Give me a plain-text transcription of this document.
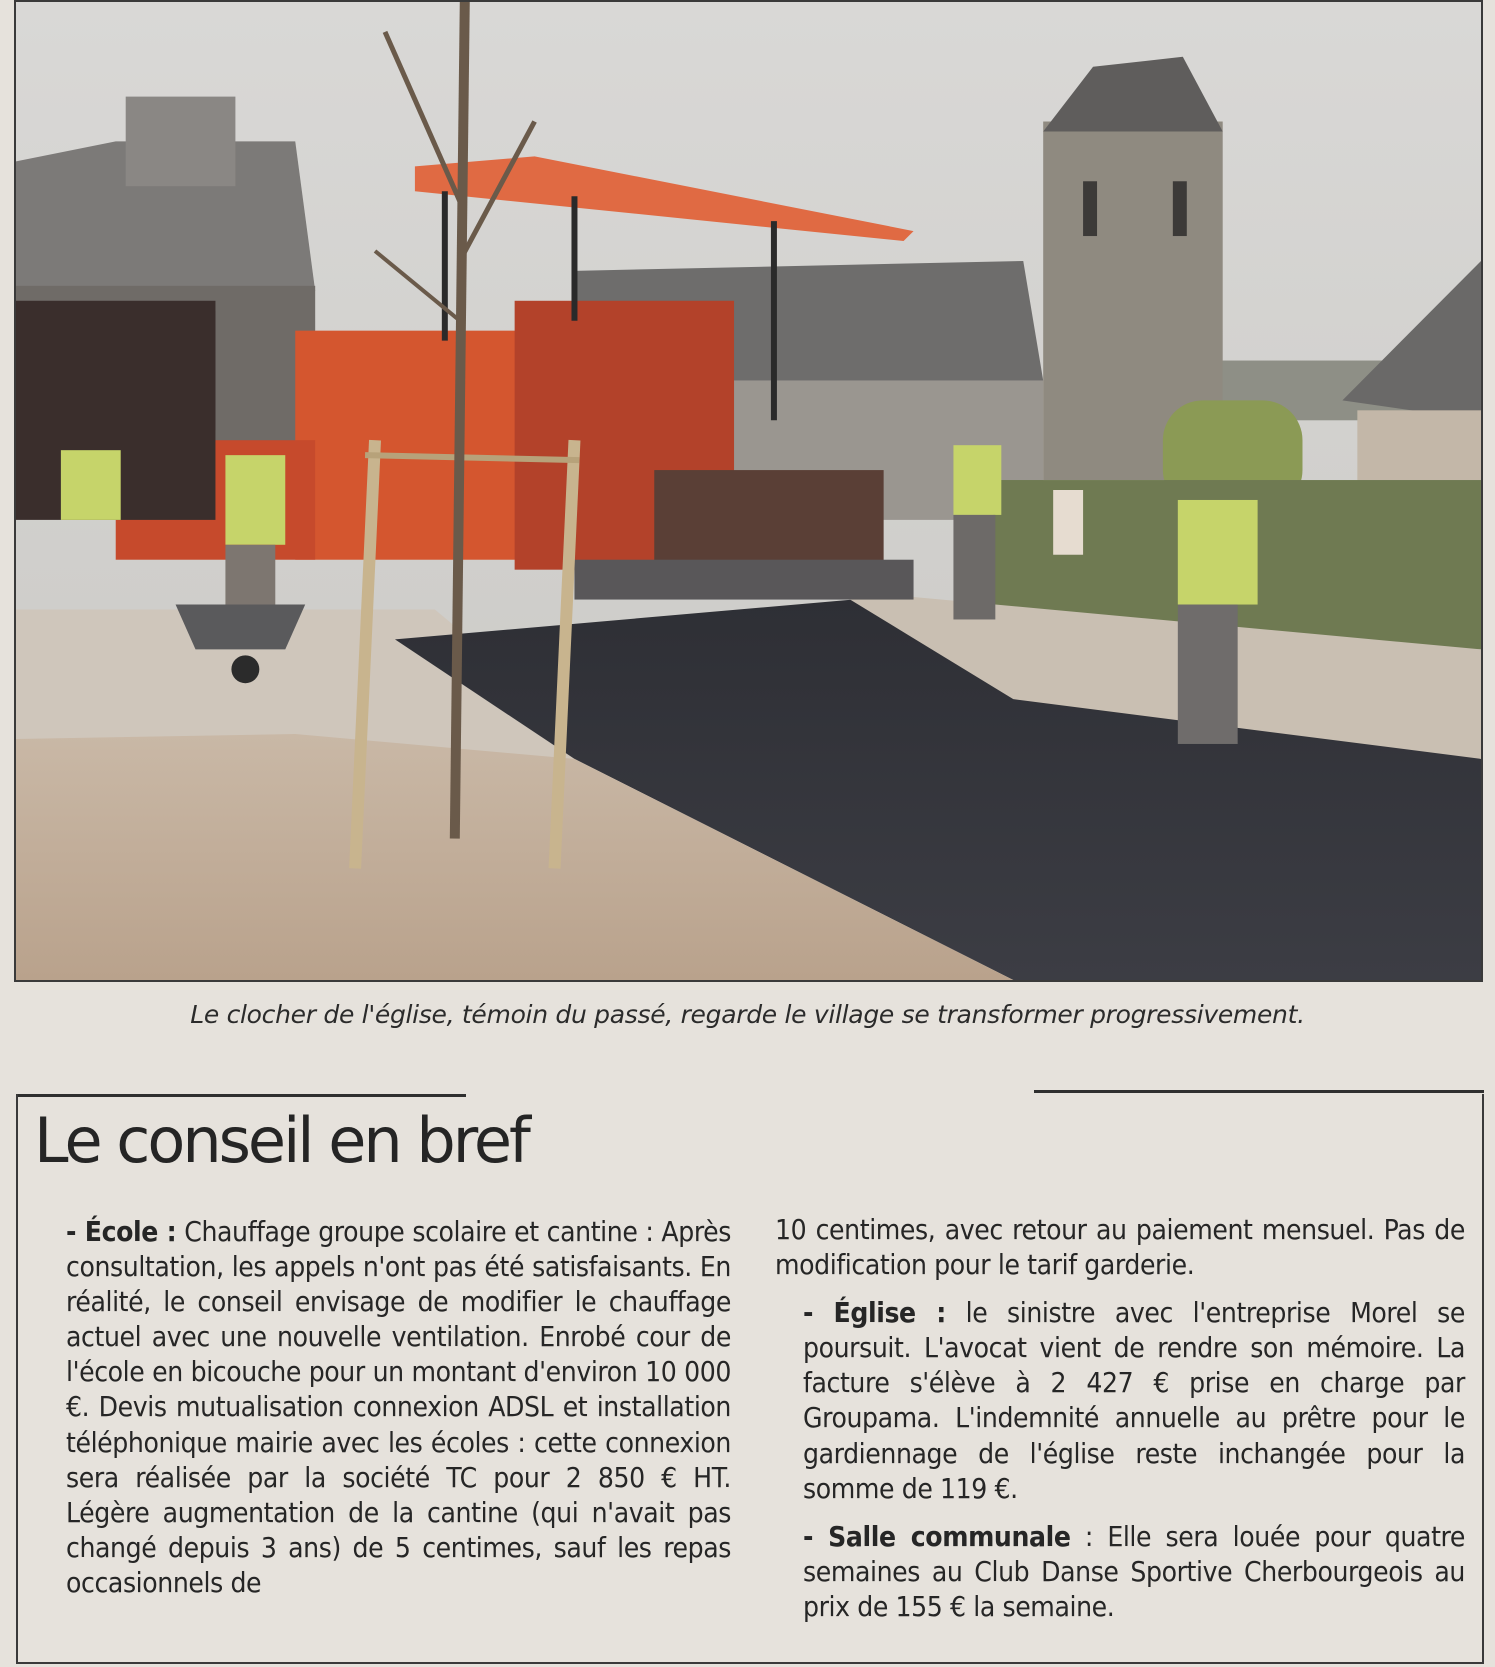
Le clocher de l'église, témoin du passé, regarde le village se transformer progressivement.
Le conseil en bref

- École : Chauffage groupe scolaire et cantine : Après consultation, les appels n'ont pas été satisfaisants. En réalité, le conseil envisage de modifier le chauffage actuel avec une nouvelle ventilation. Enrobé cour de l'école en bicouche pour un montant d'environ 10 000 €. Devis mutualisation connexion ADSL et installation téléphonique mairie avec les écoles : cette connexion sera réalisée par la société TC pour 2 850 € HT. Légère augmentation de la cantine (qui n'avait pas changé depuis 3 ans) de 5 centimes, sauf les repas occasionnels de

10 centimes, avec retour au paiement mensuel. Pas de modification pour le tarif garderie.

- Église : le sinistre avec l'entreprise Morel se poursuit. L'avocat vient de rendre son mémoire. La facture s'élève à 2 427 € prise en charge par Groupama. L'indemnité annuelle au prêtre pour le gardiennage de l'église reste inchangée pour la somme de 119 €.

- Salle communale : Elle sera louée pour quatre semaines au Club Danse Sportive Cherbourgeois au prix de 155 € la semaine.
